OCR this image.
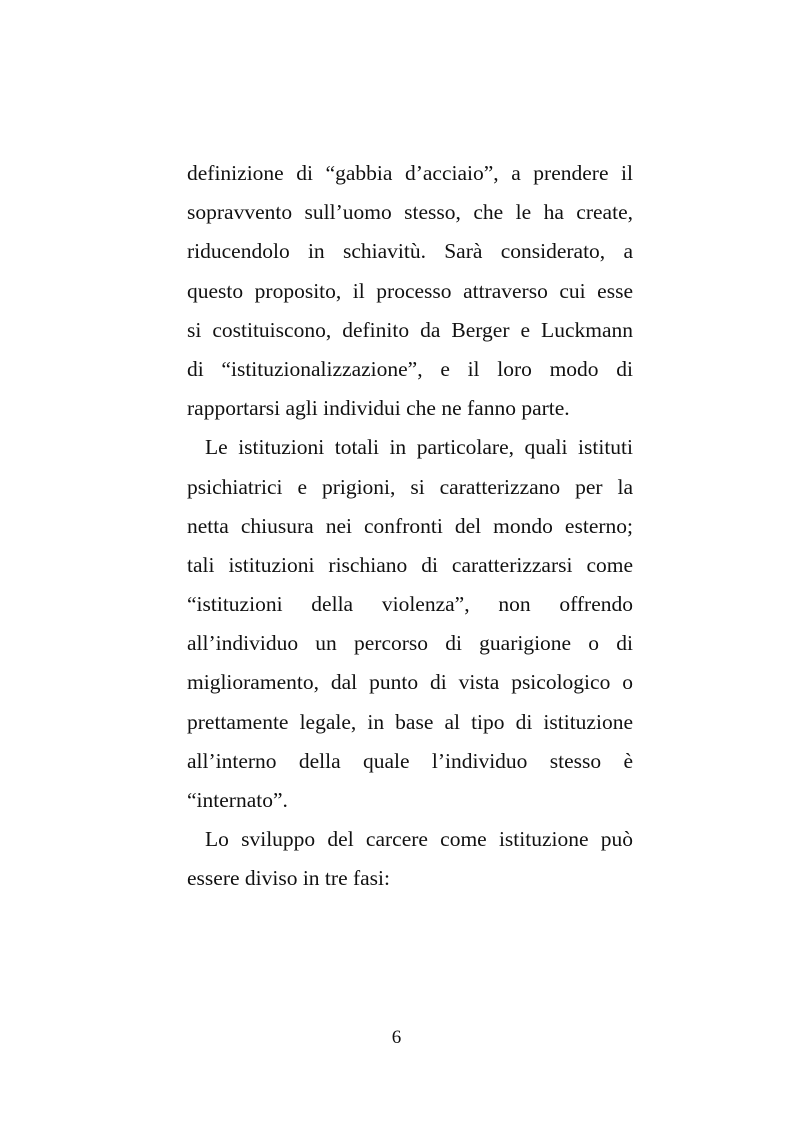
definizione di “gabbia d’acciaio”, a prendere il
sopravvento sull’uomo stesso, che le ha create,
riducendolo in schiavitù. Sarà considerato, a
questo proposito, il processo attraverso cui esse
si costituiscono, definito da Berger e Luckmann
di “istituzionalizzazione”, e il loro modo di
rapportarsi agli individui che ne fanno parte.
Le istituzioni totali in particolare, quali istituti
psichiatrici e prigioni, si caratterizzano per la
netta chiusura nei confronti del mondo esterno;
tali istituzioni rischiano di caratterizzarsi come
“istituzioni della violenza”, non offrendo
all’individuo un percorso di guarigione o di
miglioramento, dal punto di vista psicologico o
prettamente legale, in base al tipo di istituzione
all’interno della quale l’individuo stesso è
“internato”.
Lo sviluppo del carcere come istituzione può
essere diviso in tre fasi:
6
